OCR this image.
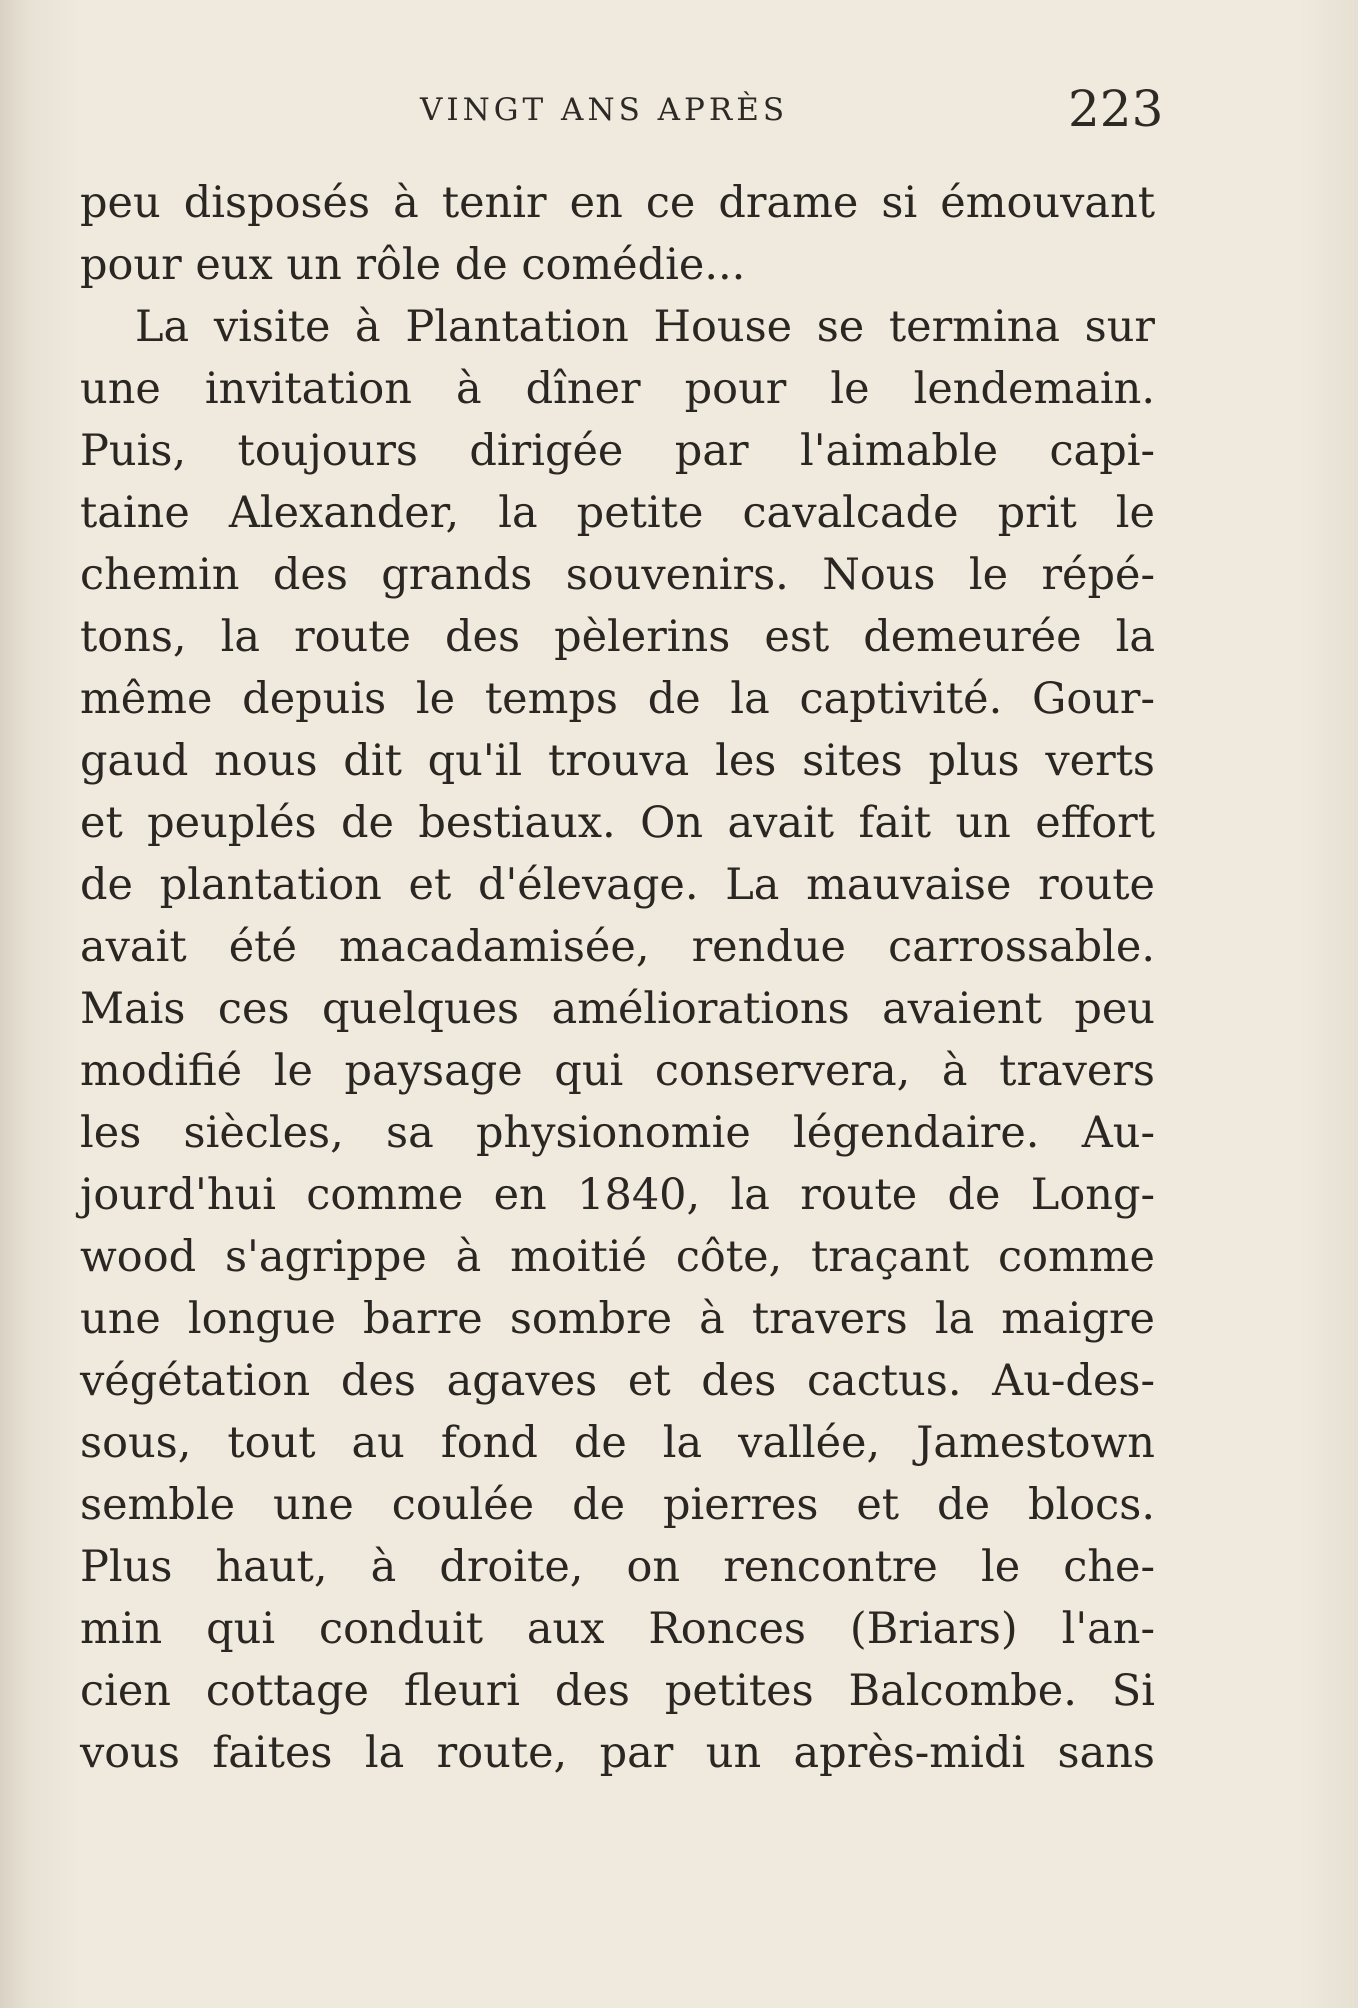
VINGT ANS APRÈS	223
peu disposés à tenir en ce drame si émouvant
pour eux un rôle de comédie...
La visite à Plantation House se termina sur
une invitation à dîner pour le lendemain.
Puis, toujours dirigée par l'aimable capi-
taine Alexander, la petite cavalcade prit le
chemin des grands souvenirs. Nous le répé-
tons, la route des pèlerins est demeurée la
même depuis le temps de la captivité. Gour-
gaud nous dit qu'il trouva les sites plus verts
et peuplés de bestiaux. On avait fait un effort
de plantation et d'élevage. La mauvaise route
avait été macadamisée, rendue carrossable.
Mais ces quelques améliorations avaient peu
modifié le paysage qui conservera, à travers
les siècles, sa physionomie légendaire. Au-
jourd'hui comme en 1840, la route de Long-
wood s'agrippe à moitié côte, traçant comme
une longue barre sombre à travers la maigre
végétation des agaves et des cactus. Au-des-
sous, tout au fond de la vallée, Jamestown
semble une coulée de pierres et de blocs.
Plus haut, à droite, on rencontre le che-
min qui conduit aux Ronces (Briars) l'an-
cien cottage fleuri des petites Balcombe. Si
vous faites la route, par un après-midi sans
